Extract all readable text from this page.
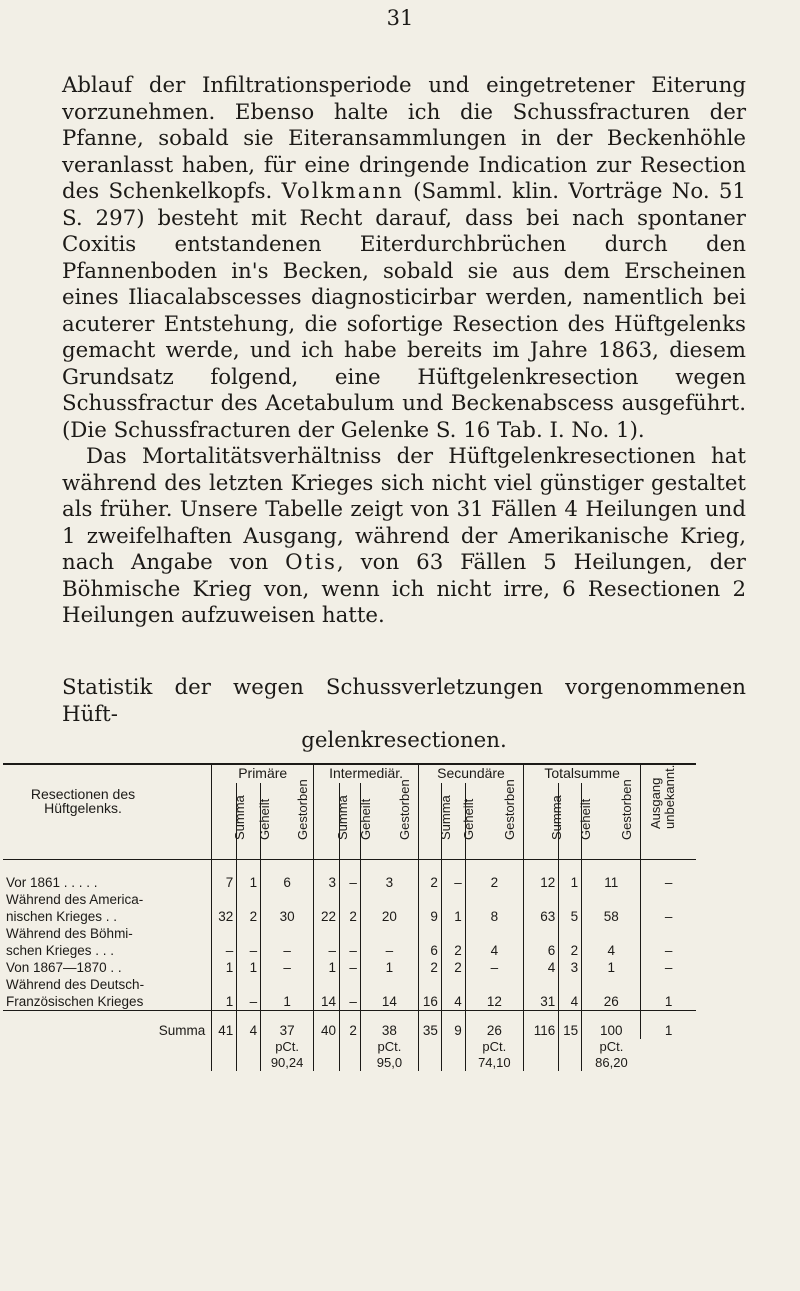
31

Ablauf der Infiltrationsperiode und eingetretener Eiterung vorzunehmen. Ebenso halte ich die Schussfracturen der Pfanne, sobald sie Eiteransammlungen in der Beckenhöhle veranlasst haben, für eine dringende Indication zur Resection des Schenkelkopfs. Volkmann (Samml. klin. Vorträge No. 51 S. 297) besteht mit Recht darauf, dass bei nach spontaner Coxitis entstandenen Eiterdurchbrüchen durch den Pfannenboden in's Becken, sobald sie aus dem Erscheinen eines Iliacalabscesses diagnosticirbar werden, namentlich bei acuterer Entstehung, die sofortige Resection des Hüftgelenks gemacht werde, und ich habe bereits im Jahre 1863, diesem Grundsatz folgend, eine Hüftgelenkresection wegen Schussfractur des Acetabulum und Beckenabscess ausgeführt. (Die Schussfracturen der Gelenke S. 16 Tab. I. No. 1).

Das Mortalitätsverhältniss der Hüftgelenkresectionen hat während des letzten Krieges sich nicht viel günstiger gestaltet als früher. Unsere Tabelle zeigt von 31 Fällen 4 Heilungen und 1 zweifelhaften Ausgang, während der Amerikanische Krieg, nach Angabe von Otis, von 63 Fällen 5 Heilungen, der Böhmische Krieg von, wenn ich nicht irre, 6 Resectionen 2 Heilungen aufzuweisen hatte.

Statistik der wegen Schussverletzungen vorgenommenen Hüft-
gelenkresectionen.
Resectionen des Hüftgelenks.	Primäre			Intermediär.			Secundäre			Totalsumme			Ausgang unbekannt.

	Summa	Geheilt	Gestorben	Summa	Geheilt	Gestorben	Summa	Geheilt	Gestorben	Summa	Geheilt	Gestorben	

Vor 1861 . . . . .	7	1	6	3	–	3	2	–	2	12	1	11	–
Während des America-													
nischen Krieges . .	32	2	30	22	2	20	9	1	8	63	5	58	–
Während des Böhmi-													
schen Krieges . . .	–	–	–	–	–	–	6	2	4	6	2	4	–
Von 1867—1870 . .	1	1	–	1	–	1	2	2	–	4	3	1	–
Während des Deutsch-													
Französischen Krieges	1	–	1	14	–	14	16	4	12	31	4	26	1

Summa	41	4	37	40	2	38	35	9	26	116	15	100	1
			pCt.			pCt.			pCt.			pCt.	
			90,24			95,0			74,10			86,20	
